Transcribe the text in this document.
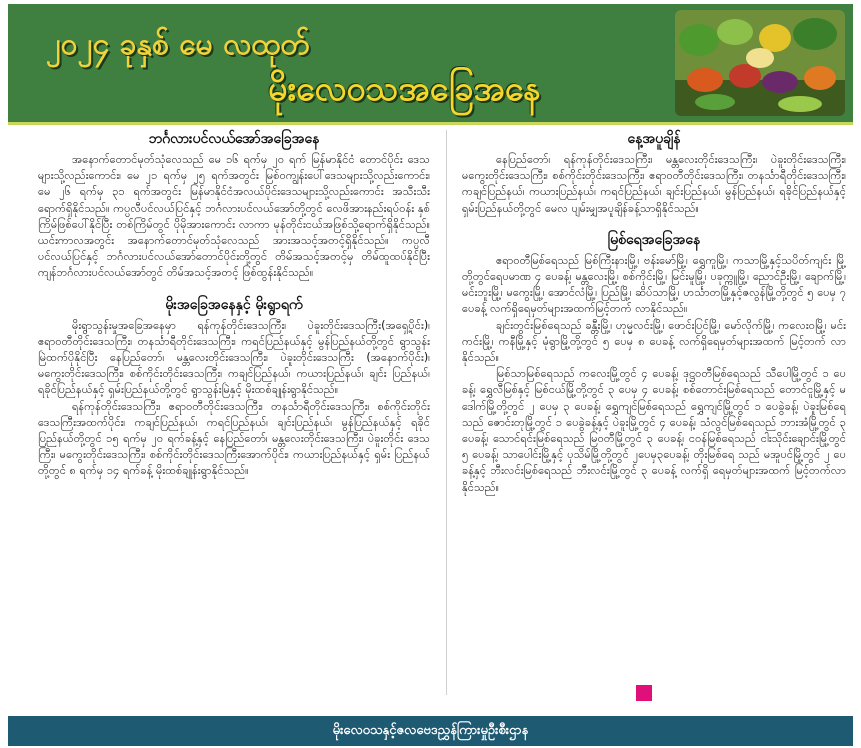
၂၀၂၄ ခုနှစ် မေ လထုတ်
မိုးလေဝသအခြေအနေ
ဘင်္ဂလားပင်လယ်အော်အခြေအနေ

အနောက်တောင်မုတ်သုံလေသည် မေ ၁၆ ရက်မှ ၂၀ ရက် မြန်မာနိုင်ငံ တောင်ပိုင်း ဒေသများသို့လည်းကောင်း၊ မေ ၂၁ ရက်မှ ၂၅ ရက်အတွင်း မြစ်ဝကျွန်းပေါ်ဒေသများသို့လည်းကောင်း၊ မေ ၂၆ ရက်မှ ၃၁ ရက်အတွင်း မြန်မာနိုင်ငံအလယ်ပိုင်းဒေသများသို့လည်းကောင်း အသီးသီး ရောက်ရှိနိုင်သည်။ ကပ္ပလီပင်လယ်ပြင်နှင့် ဘင်္ဂလားပင်လယ်အော်တို့တွင် လေဖိအားနည်းရပ်ဝန်း နှစ်ကြိမ်ဖြစ်ပေါ်နိုင်ပြီး တစ်ကြိမ်တွင် ပိုမိုအားကောင်း လာကာ မုန်တိုင်းငယ်အဖြစ်သို့ရောက်ရှိနိုင်သည်။ ယင်းကာလအတွင်း အနောက်တောင်မုတ်သုံလေသည် အားအသင့်အတင့်ရှိနိုင်သည်။ ကပ္ပလီပင်လယ်ပြင်နှင့် ဘင်္ဂလားပင်လယ်အော်တောင်ပိုင်းတို့တွင် တိမ်အသင့်အတင့်မှ တိမ်ထူထပ်နိုင်ပြီး ကျန်ဘင်္ဂလားပင်လယ်အော်တွင် တိမ်အသင့်အတင့် ဖြစ်ထွန်းနိုင်သည်။

မိုးအခြေအနေနှင့် မိုးရွာရက်

မိုးရွာသွန်းမှုအခြေအနေမှာ ရန်ကုန်တိုင်းဒေသကြီး၊ ပဲခူးတိုင်းဒေသကြီး(အရှေ့ပိုင်း)၊ ဧရာဝတီတိုင်းဒေသကြီး၊ တနင်္သာရီတိုင်းဒေသကြီး၊ ကရင်ပြည်နယ်နှင့် မွန်ပြည်နယ်တို့တွင် ရွာသွန်းမြဲထက်ပိုနိုင်ပြီး နေပြည်တော်၊ မန္တလေးတိုင်းဒေသကြီး၊ ပဲခူးတိုင်းဒေသကြီး (အနောက်ပိုင်း)၊ မကွေးတိုင်းဒေသကြီး၊ စစ်ကိုင်းတိုင်းဒေသကြီး၊ ကချင်ပြည်နယ်၊ ကယားပြည်နယ်၊ ချင်း ပြည်နယ်၊ ရခိုင်ပြည်နယ်နှင့် ရှမ်းပြည်နယ်တို့တွင် ရွာသွန်းမြဲနှင့် မိုးထစ်ချုန်းရွာနိုင်သည်။

ရန်ကုန်တိုင်းဒေသကြီး၊ ဧရာဝတီတိုင်းဒေသကြီး၊ တနင်္သာရီတိုင်းဒေသကြီး၊ စစ်ကိုင်းတိုင်း ဒေသကြီးအထက်ပိုင်း၊ ကချင်ပြည်နယ်၊ ကရင်ပြည်နယ်၊ ချင်းပြည်နယ်၊ မွန်ပြည်နယ်နှင့် ရခိုင် ပြည်နယ်တို့တွင် ၁၅ ရက်မှ ၂၀ ရက်ခန့်နှင့် နေပြည်တော်၊ မန္တလေးတိုင်းဒေသကြီး၊ ပဲခူးတိုင်း ဒေသကြီး၊ မကွေးတိုင်းဒေသကြီး၊ စစ်ကိုင်းတိုင်းဒေသကြီးအောက်ပိုင်း၊ ကယားပြည်နယ်နှင့် ရှမ်း ပြည်နယ်တို့တွင် ၈ ရက်မှ ၁၄ ရက်ခန့် မိုးထစ်ချုန်းရွာနိုင်သည်။

နေ့အပူချိန်

နေပြည်တော်၊ ရန်ကုန်တိုင်းဒေသကြီး၊ မန္တလေးတိုင်းဒေသကြီး၊ ပဲခူးတိုင်းဒေသကြီး၊ မကွေးတိုင်းဒေသကြီး၊ စစ်ကိုင်းတိုင်းဒေသကြီး၊ ဧရာဝတီတိုင်းဒေသကြီး၊ တနင်္သာရီတိုင်းဒေသကြီး၊ ကချင်ပြည်နယ်၊ ကယားပြည်နယ်၊ ကရင်ပြည်နယ်၊ ချင်းပြည်နယ်၊ မွန်ပြည်နယ်၊ ရခိုင်ပြည်နယ်နှင့် ရှမ်းပြည်နယ်တို့တွင် မေလ ပျမ်းမျှအပူချိန်ခန့်သာရှိနိုင်သည်။

မြစ်ရေအခြေအနေ

ဧရာဝတီမြစ်ရေသည် မြစ်ကြီးနားမြို့၊ ဗန်းမော်မြို့၊ ရွှေကူမြို့၊ ကသာမြို့နှင့်သပိတ်ကျင်း မြို့တို့တွင်ရေပမာဏ ၄ ပေခန့်၊ မန္တလေးမြို့၊ စစ်ကိုင်းမြို့၊ မြင်းမူမြို့၊ ပခုက္ကူမြို့၊ ညောင်ဦးမြို့၊ ချောက်မြို့၊ မင်းဘူးမြို့၊ မကွေးမြို့၊ အောင်လံမြို့၊ ပြည်မြို့၊ ဆိပ်သာမြို့၊ ဟင်္သာတမြို့နှင့်ဇလွန်မြို့တို့တွင် ၅ ပေမှ ၇ ပေခန့် လက်ရှိရေမှတ်များအထက်မြင့်တက် လာနိုင်သည်။

ချင်းတွင်းမြစ်ရေသည် ခန္တီးမြို့၊ ဟုမ္မလင်းမြို့၊ ဖောင်းပြင်မြို့၊ မော်လိုက်မြို့၊ ကလေးဝမြို့၊ မင်းကင်းမြို့၊ ကနီမြို့နှင့် မုံရွာမြို့တို့တွင် ၅ ပေမှ ၈ ပေခန့် လက်ရှိရေမှတ်များအထက် မြင့်တက် လာနိုင်သည်။

မြစ်သာမြစ်ရေသည် ကလေးမြို့တွင် ၄ ပေခန့်၊ ဒုဋ္ဌဝတီမြစ်ရေသည် သီပေါမြို့တွင် ၁ ပေခန့်၊ ရွှေလီမြစ်နှင့် မြစ်ငယ်မြို့တို့တွင် ၃ ပေမှ ၄ ပေခန့်၊ စစ်တောင်းမြစ်ရေသည် တောင်ငူမြို့နှင့် မဒေါက်မြို့တို့တွင် ၂ ပေမှ ၃ ပေခန့်၊ ရွှေကျင်မြစ်ရေသည် ရွှေကျင်မြို့တွင် ၁ ပေခွဲခန့်၊ ပဲခူးမြစ်ရေသည် ဇောင်းတုမြို့တွင် ၁ ပေခွဲခန့်နှင့် ပဲခူးမြို့တွင် ၄ ပေခန့်၊ သံလွင်မြစ်ရေသည် ဘားအံမြို့တွင် ၃ ပေခန့်၊ သောင်ရင်းမြစ်ရေသည် မြဝတီမြို့တွင် ၃ ပေခန့်၊ ငဝန်မြစ်ရေသည် ငါးသိုင်းချောင်းမြို့တွင် ၅ ပေခန့်၊ သာပေါင်းမြို့နှင့် ပုသိမ်မြို့တို့တွင် ၂ပေမှ၃ပေခန့်၊ တိုးမြစ်ရေ သည် မအူပင်မြို့တွင် ၂ ပေခန့်နှင့် ဘီးလင်းမြစ်ရေသည် ဘီးလင်းမြို့တွင် ၃ ပေခန့် လက်ရှိ ရေမှတ်များအထက် မြင့်တက်လာနိုင်သည်။

မိုးလေဝသနှင့်ဇလဗေဒညွှန်ကြားမှုဦးစီးဌာန
